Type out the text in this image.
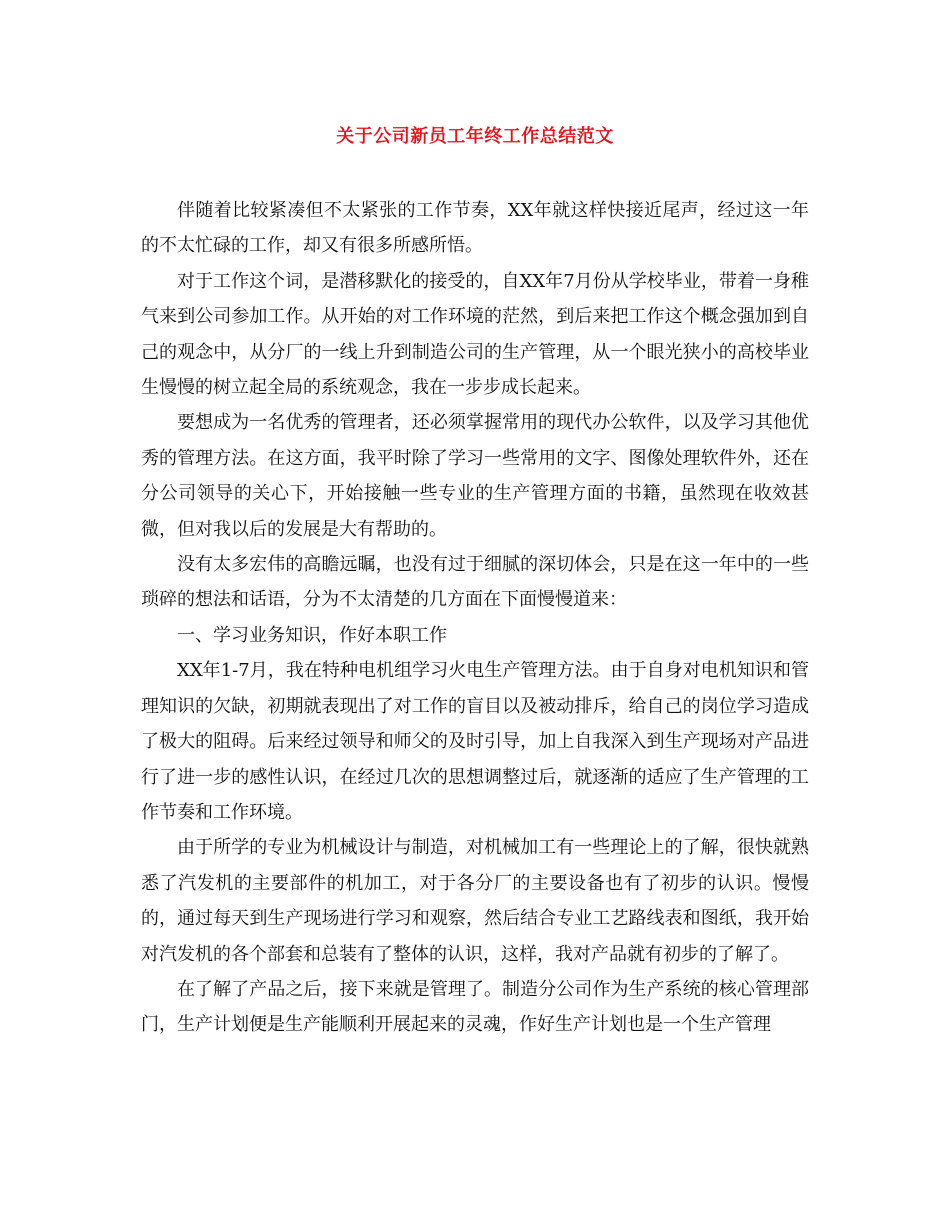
关于公司新员工年终工作总结范文

伴随着比较紧凑但不太紧张的工作节奏，XX年就这样快接近尾声，经过这一年的不太忙碌的工作，却又有很多所感所悟。

对于工作这个词，是潜移默化的接受的，自XX年7月份从学校毕业，带着一身稚气来到公司参加工作。从开始的对工作环境的茫然，到后来把工作这个概念强加到自己的观念中，从分厂的一线上升到制造公司的生产管理，从一个眼光狭小的高校毕业生慢慢的树立起全局的系统观念，我在一步步成长起来。

要想成为一名优秀的管理者，还必须掌握常用的现代办公软件，以及学习其他优秀的管理方法。在这方面，我平时除了学习一些常用的文字、图像处理软件外，还在分公司领导的关心下，开始接触一些专业的生产管理方面的书籍，虽然现在收效甚微，但对我以后的发展是大有帮助的。

没有太多宏伟的高瞻远瞩，也没有过于细腻的深切体会，只是在这一年中的一些琐碎的想法和话语，分为不太清楚的几方面在下面慢慢道来：

一、学习业务知识，作好本职工作

XX年1-7月，我在特种电机组学习火电生产管理方法。由于自身对电机知识和管理知识的欠缺，初期就表现出了对工作的盲目以及被动排斥，给自己的岗位学习造成了极大的阻碍。后来经过领导和师父的及时引导，加上自我深入到生产现场对产品进行了进一步的感性认识，在经过几次的思想调整过后，就逐渐的适应了生产管理的工作节奏和工作环境。

由于所学的专业为机械设计与制造，对机械加工有一些理论上的了解，很快就熟悉了汽发机的主要部件的机加工，对于各分厂的主要设备也有了初步的认识。慢慢的，通过每天到生产现场进行学习和观察，然后结合专业工艺路线表和图纸，我开始对汽发机的各个部套和总装有了整体的认识，这样，我对产品就有初步的了解了。

在了解了产品之后，接下来就是管理了。制造分公司作为生产系统的核心管理部门，生产计划便是生产能顺利开展起来的灵魂，作好生产计划也是一个生产管理
